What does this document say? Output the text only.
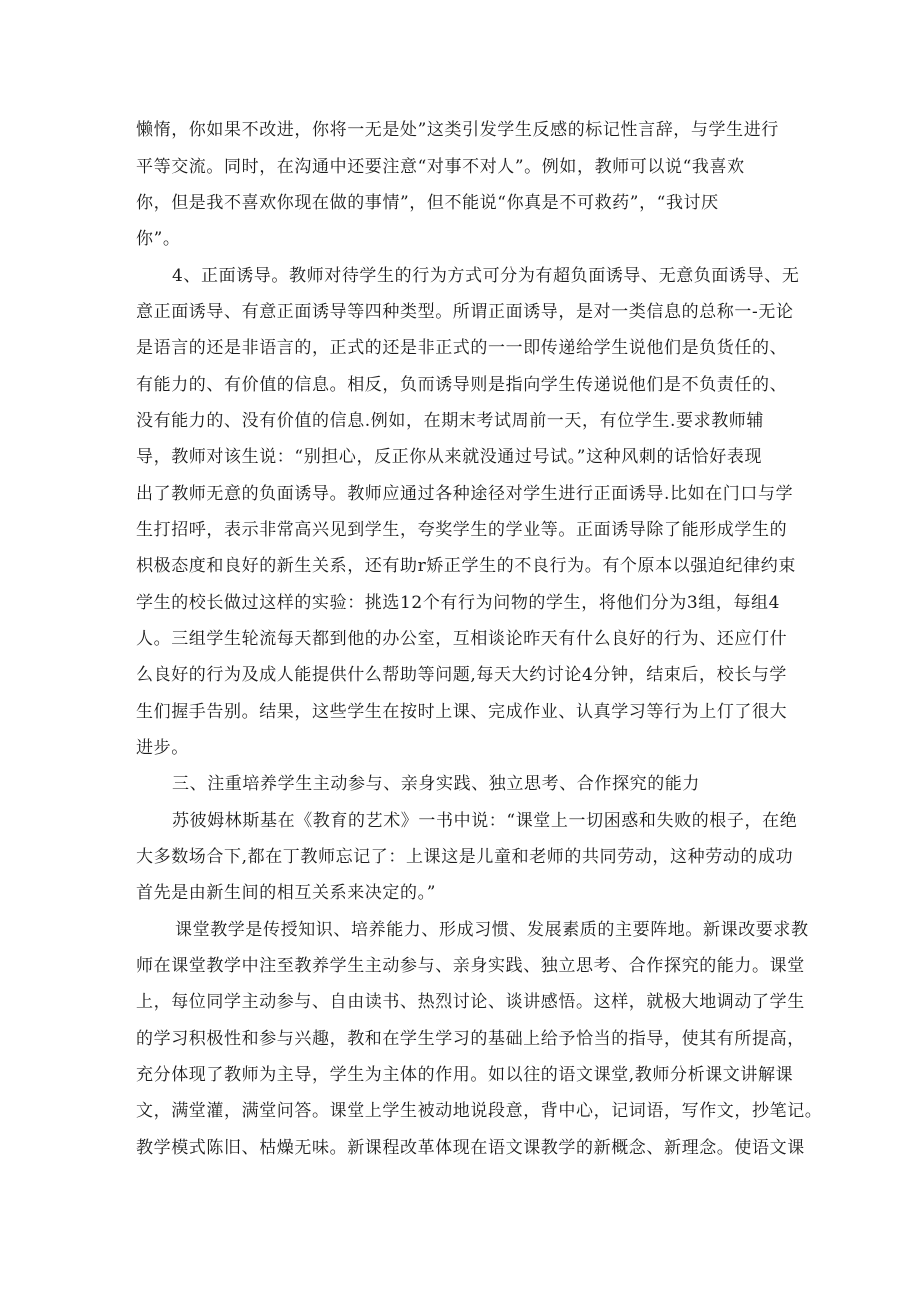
懒惰，你如果不改进，你将一无是处”这类引发学生反感的标记性言辞，与学生进行
平等交流。同时，在沟通中还要注意“对事不对人”。例如，教师可以说“我喜欢
你，但是我不喜欢你现在做的事情”，但不能说“你真是不可救药”，“我讨厌
你”。
4、正面诱导。教师对待学生的行为方式可分为有超负面诱导、无意负面诱导、无
意正面诱导、有意正面诱导等四种类型。所谓正面诱导，是对一类信息的总称一-无论
是语言的还是非语言的，正式的还是非正式的一一即传递给学生说他们是负货任的、
有能力的、有价值的信息。相反，负而诱导则是指向学生传递说他们是不负责任的、
没有能力的、没有价值的信息.例如，在期末考试周前一天，有位学生.要求教师辅
导，教师对该生说：“别担心，反正你从来就没通过号试。”这种风刺的话恰好表现
出了教师无意的负面诱导。教师应通过各种途径对学生进行正面诱导.比如在门口与学
生打招呼，表示非常高兴见到学生，夸奖学生的学业等。正面诱导除了能形成学生的
枳极态度和良好的新生关系，还有助r矫正学生的不良行为。有个原本以强迫纪律约束
学生的校长做过这样的实验：挑选12个有行为问物的学生，将他们分为3组，每组4
人。三组学生轮流每天都到他的办公室，互相谈论昨天有什么良好的行为、还应仃什
么良好的行为及成人能提供什么帮助等问题,每天大约讨论4分钟，结束后，校长与学
生们握手告别。结果，这些学生在按时上课、完成作业、认真学习等行为上仃了很大
进步。
三、注重培养学生主动参与、亲身实践、独立思考、合作探究的能力
苏彼姆林斯基在《教育的艺术》一书中说：“课堂上一切困惑和失败的根子，在绝
大多数场合下,都在丁教师忘记了：上课这是儿童和老师的共同劳动，这种劳动的成功
首先是由新生间的相互关系来决定的。”
课堂教学是传授知识、培养能力、形成习惯、发展素质的主要阵地。新课改要求教
师在课堂教学中注至教养学生主动参与、亲身实践、独立思考、合作探究的能力。课堂
上，每位同学主动参与、自由读书、热烈讨论、谈讲感悟。这样，就极大地调动了学生
的学习积极性和参与兴趣，教和在学生学习的基础上给予恰当的指导，使其有所提高，
充分体现了教师为主导，学生为主体的作用。如以往的语文课堂,教师分析课文讲解课
文，满堂灌，满堂问答。课堂上学生被动地说段意，背中心，记词语，写作文，抄笔记。
教学模式陈旧、枯燥无味。新课程改革体现在语文课教学的新概念、新理念。使语文课
